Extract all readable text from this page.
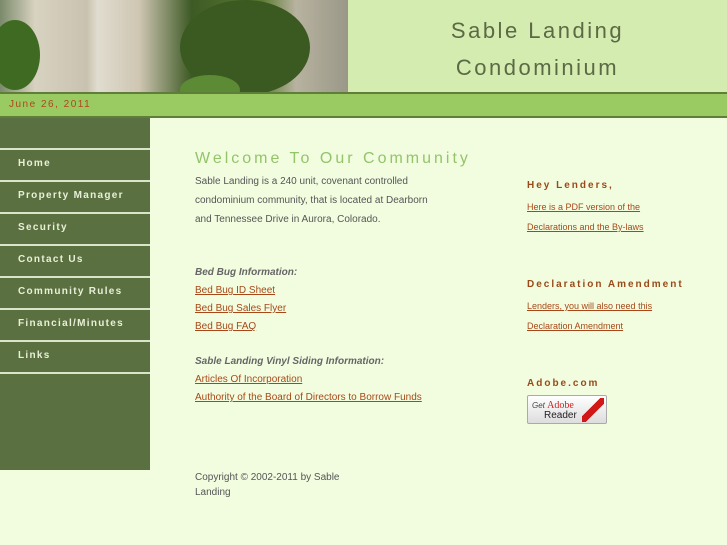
Sable Landing
Condominium
June 26, 2011
Home
Property Manager
Security
Contact Us
Community Rules
Financial/Minutes
Links
Welcome To Our Community
Sable Landing is a 240 unit, covenant controlled condominium community, that is located at Dearborn and Tennessee Drive in Aurora, Colorado.
Bed Bug Information:
Bed Bug ID Sheet
Bed Bug Sales Flyer
Bed Bug FAQ
Sable Landing Vinyl Siding Information:
Articles Of Incorporation
Authority of the Board of Directors to Borrow Funds
Hey Lenders,
Here is a PDF version of the
Declarations and the By-laws
Declaration Amendment
Lenders, you will also need this
Declaration Amendment
Adobe.com
Get Adobe
Reader
Copyright © 2002-2011 by Sable Landing
